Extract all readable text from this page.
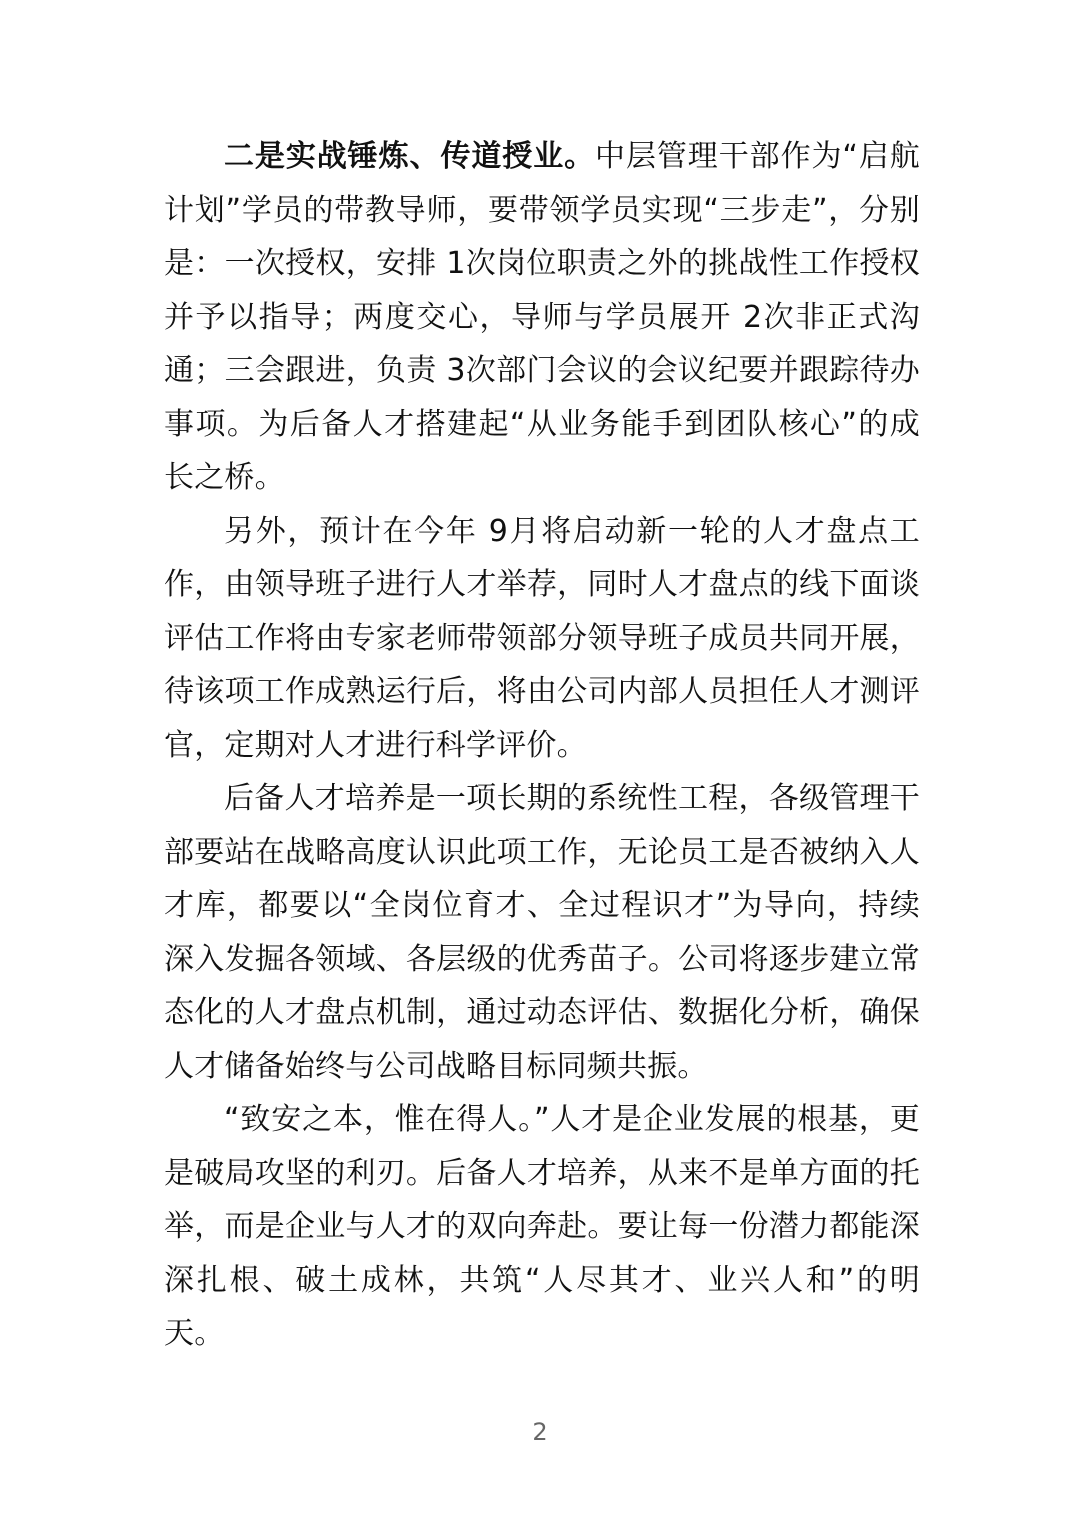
二是实战锤炼、传道授业。中层管理干部作为“启航计划”学员的带教导师，要带领学员实现“三步走”，分别是：一次授权，安排 1次岗位职责之外的挑战性工作授权并予以指导；两度交心，导师与学员展开 2次非正式沟通；三会跟进，负责 3次部门会议的会议纪要并跟踪待办事项。为后备人才搭建起“从业务能手到团队核心”的成长之桥。

另外，预计在今年 9月将启动新一轮的人才盘点工作，由领导班子进行人才举荐，同时人才盘点的线下面谈评估工作将由专家老师带领部分领导班子成员共同开展，待该项工作成熟运行后，将由公司内部人员担任人才测评官，定期对人才进行科学评价。

后备人才培养是一项长期的系统性工程，各级管理干部要站在战略高度认识此项工作，无论员工是否被纳入人才库，都要以“全岗位育才、全过程识才”为导向，持续深入发掘各领域、各层级的优秀苗子。公司将逐步建立常态化的人才盘点机制，通过动态评估、数据化分析，确保人才储备始终与公司战略目标同频共振。

“致安之本，惟在得人。”人才是企业发展的根基，更是破局攻坚的利刃。后备人才培养，从来不是单方面的托举，而是企业与人才的双向奔赴。要让每一份潜力都能深深扎根、破土成林，共筑“人尽其才、业兴人和”的明天。

2
